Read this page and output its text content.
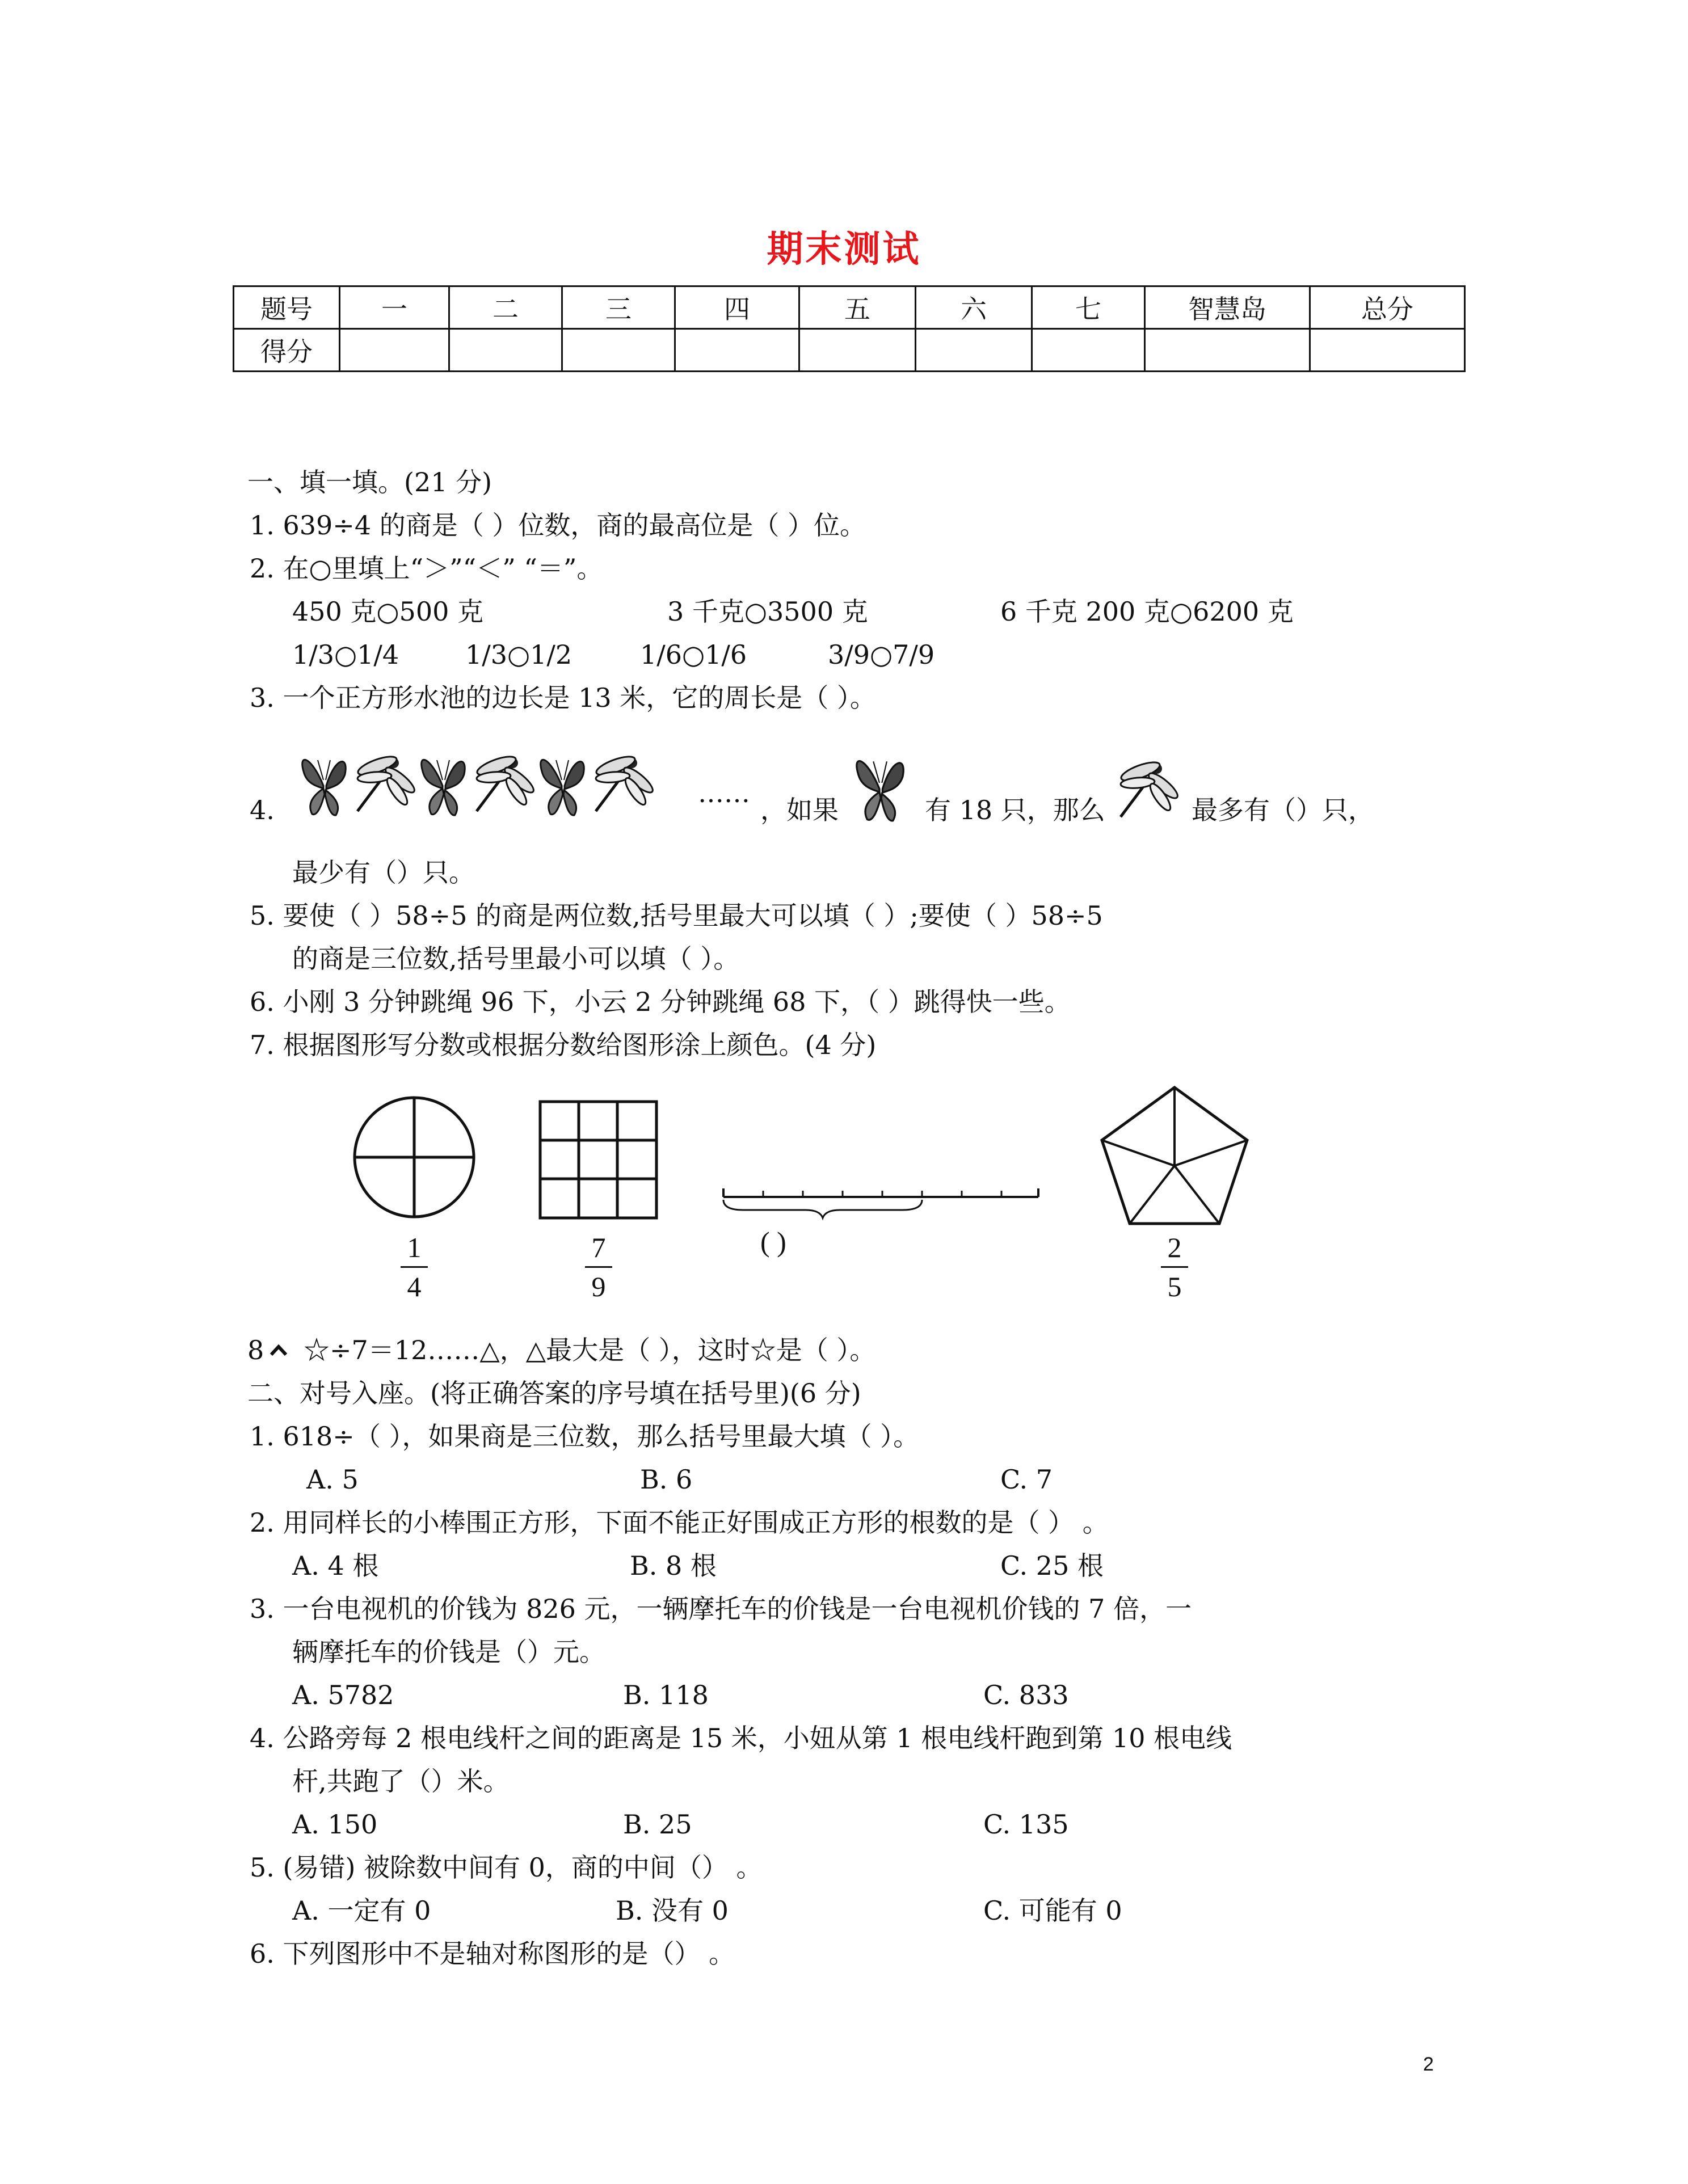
期末测试
题号	一	二	三	四	五	六	七	智慧岛	总分
得分									
一、填一填。(21 分)
1. 639÷4 的商是（ ）位数，商的最高位是（ ）位。
2. 在○里填上“＞”“＜” “＝”。
450 克○500 克	3 千克○3500 克	6 千克 200 克○6200 克
1/3○1/4	1/3○1/2	1/6○1/6	3/9○7/9
3. 一个正方形水池的边长是 13 米，它的周长是（ ）。
4.
……
，如果	有 18 只，那么	最多有（）只，
最少有（）只。
5. 要使（ ）58÷5 的商是两位数,括号里最大可以填（ ）;要使（ ）58÷5
的商是三位数,括号里最小可以填（ ）。
6. 小刚 3 分钟跳绳 96 下，小云 2 分钟跳绳 68 下，（ ）跳得快一些。
7. 根据图形写分数或根据分数给图形涂上颜色。(4 分)
( )
1
4
7
9
2
5
8 ☆÷7＝12……△，△最大是（ ），这时☆是（ ）。
二、对号入座。(将正确答案的序号填在括号里)(6 分)
1. 618÷（ ），如果商是三位数，那么括号里最大填（ ）。
A. 5	B. 6	C. 7
2. 用同样长的小棒围正方形，下面不能正好围成正方形的根数的是（ ） 。
A. 4 根	B. 8 根	C. 25 根
3. 一台电视机的价钱为 826 元，一辆摩托车的价钱是一台电视机价钱的 7 倍，一
辆摩托车的价钱是（）元。
A. 5782	B. 118	C. 833
4. 公路旁每 2 根电线杆之间的距离是 15 米，小妞从第 1 根电线杆跑到第 10 根电线
杆,共跑了（）米。
A. 150	B. 25	C. 135
5. (易错) 被除数中间有 0，商的中间（） 。
A. 一定有 0	B. 没有 0	C. 可能有 0
6. 下列图形中不是轴对称图形的是（） 。
2
